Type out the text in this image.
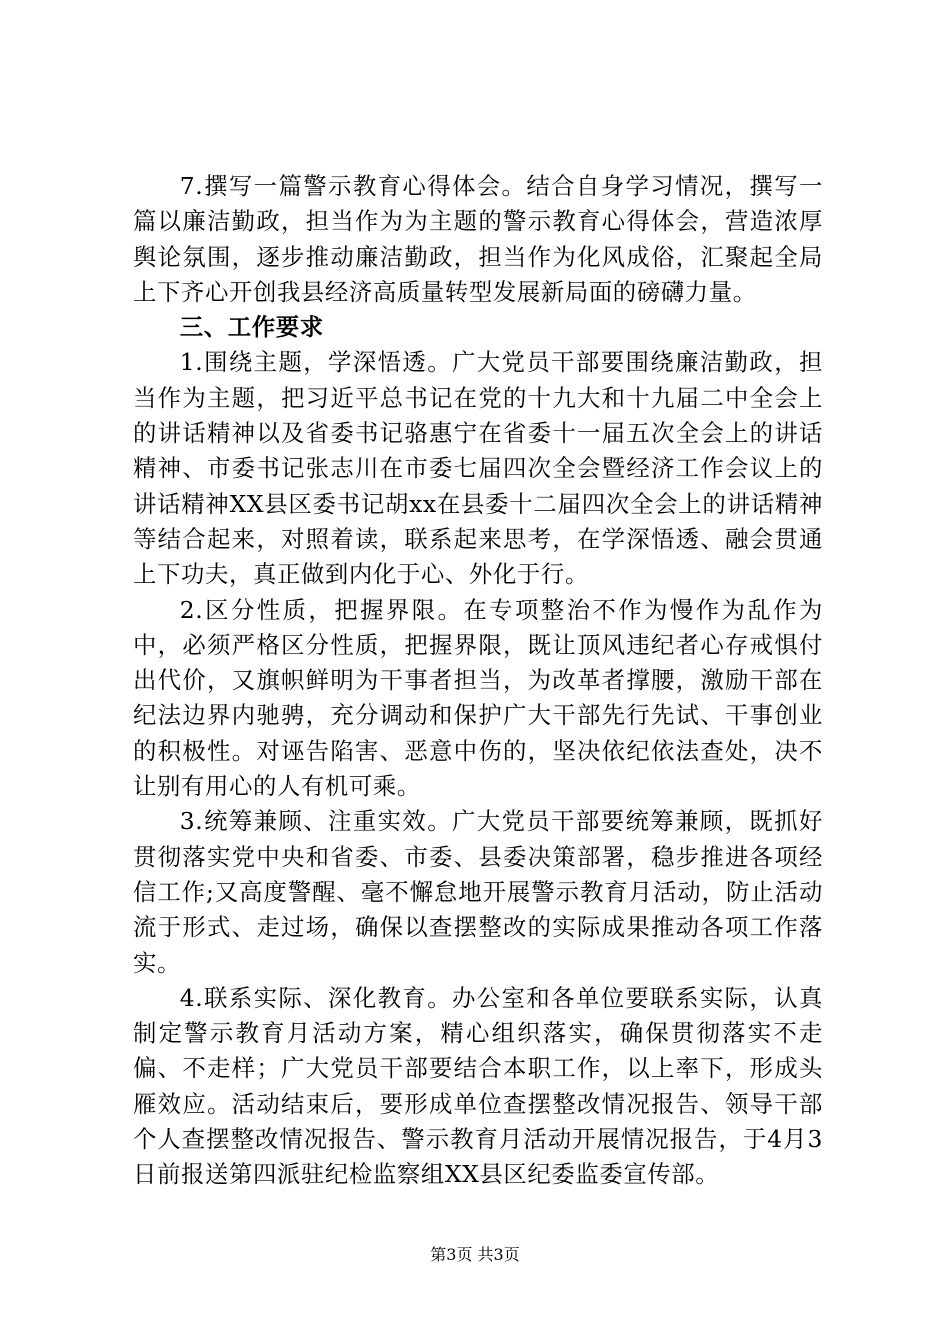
7.撰写一篇警示教育心得体会。结合自身学习情况，撰写一篇以廉洁勤政，担当作为为主题的警示教育心得体会，营造浓厚舆论氛围，逐步推动廉洁勤政，担当作为化风成俗，汇聚起全局上下齐心开创我县经济高质量转型发展新局面的磅礴力量。

三、工作要求

1.围绕主题，学深悟透。广大党员干部要围绕廉洁勤政，担当作为主题，把习近平总书记在党的十九大和十九届二中全会上的讲话精神以及省委书记骆惠宁在省委十一届五次全会上的讲话精神、市委书记张志川在市委七届四次全会暨经济工作会议上的讲话精神XX县区委书记胡xx在县委十二届四次全会上的讲话精神等结合起来，对照着读，联系起来思考，在学深悟透、融会贯通上下功夫，真正做到内化于心、外化于行。

2.区分性质，把握界限。在专项整治不作为慢作为乱作为中，必须严格区分性质，把握界限，既让顶风违纪者心存戒惧付出代价，又旗帜鲜明为干事者担当，为改革者撑腰，激励干部在纪法边界内驰骋，充分调动和保护广大干部先行先试、干事创业的积极性。对诬告陷害、恶意中伤的，坚决依纪依法查处，决不让别有用心的人有机可乘。

3.统筹兼顾、注重实效。广大党员干部要统筹兼顾，既抓好贯彻落实党中央和省委、市委、县委决策部署，稳步推进各项经信工作;又高度警醒、毫不懈怠地开展警示教育月活动，防止活动流于形式、走过场，确保以查摆整改的实际成果推动各项工作落实。

4.联系实际、深化教育。办公室和各单位要联系实际，认真制定警示教育月活动方案，精心组织落实，确保贯彻落实不走偏、不走样；广大党员干部要结合本职工作，以上率下，形成头雁效应。活动结束后，要形成单位查摆整改情况报告、领导干部个人查摆整改情况报告、警示教育月活动开展情况报告，于4月3日前报送第四派驻纪检监察组XX县区纪委监委宣传部。

第3页 共3页
